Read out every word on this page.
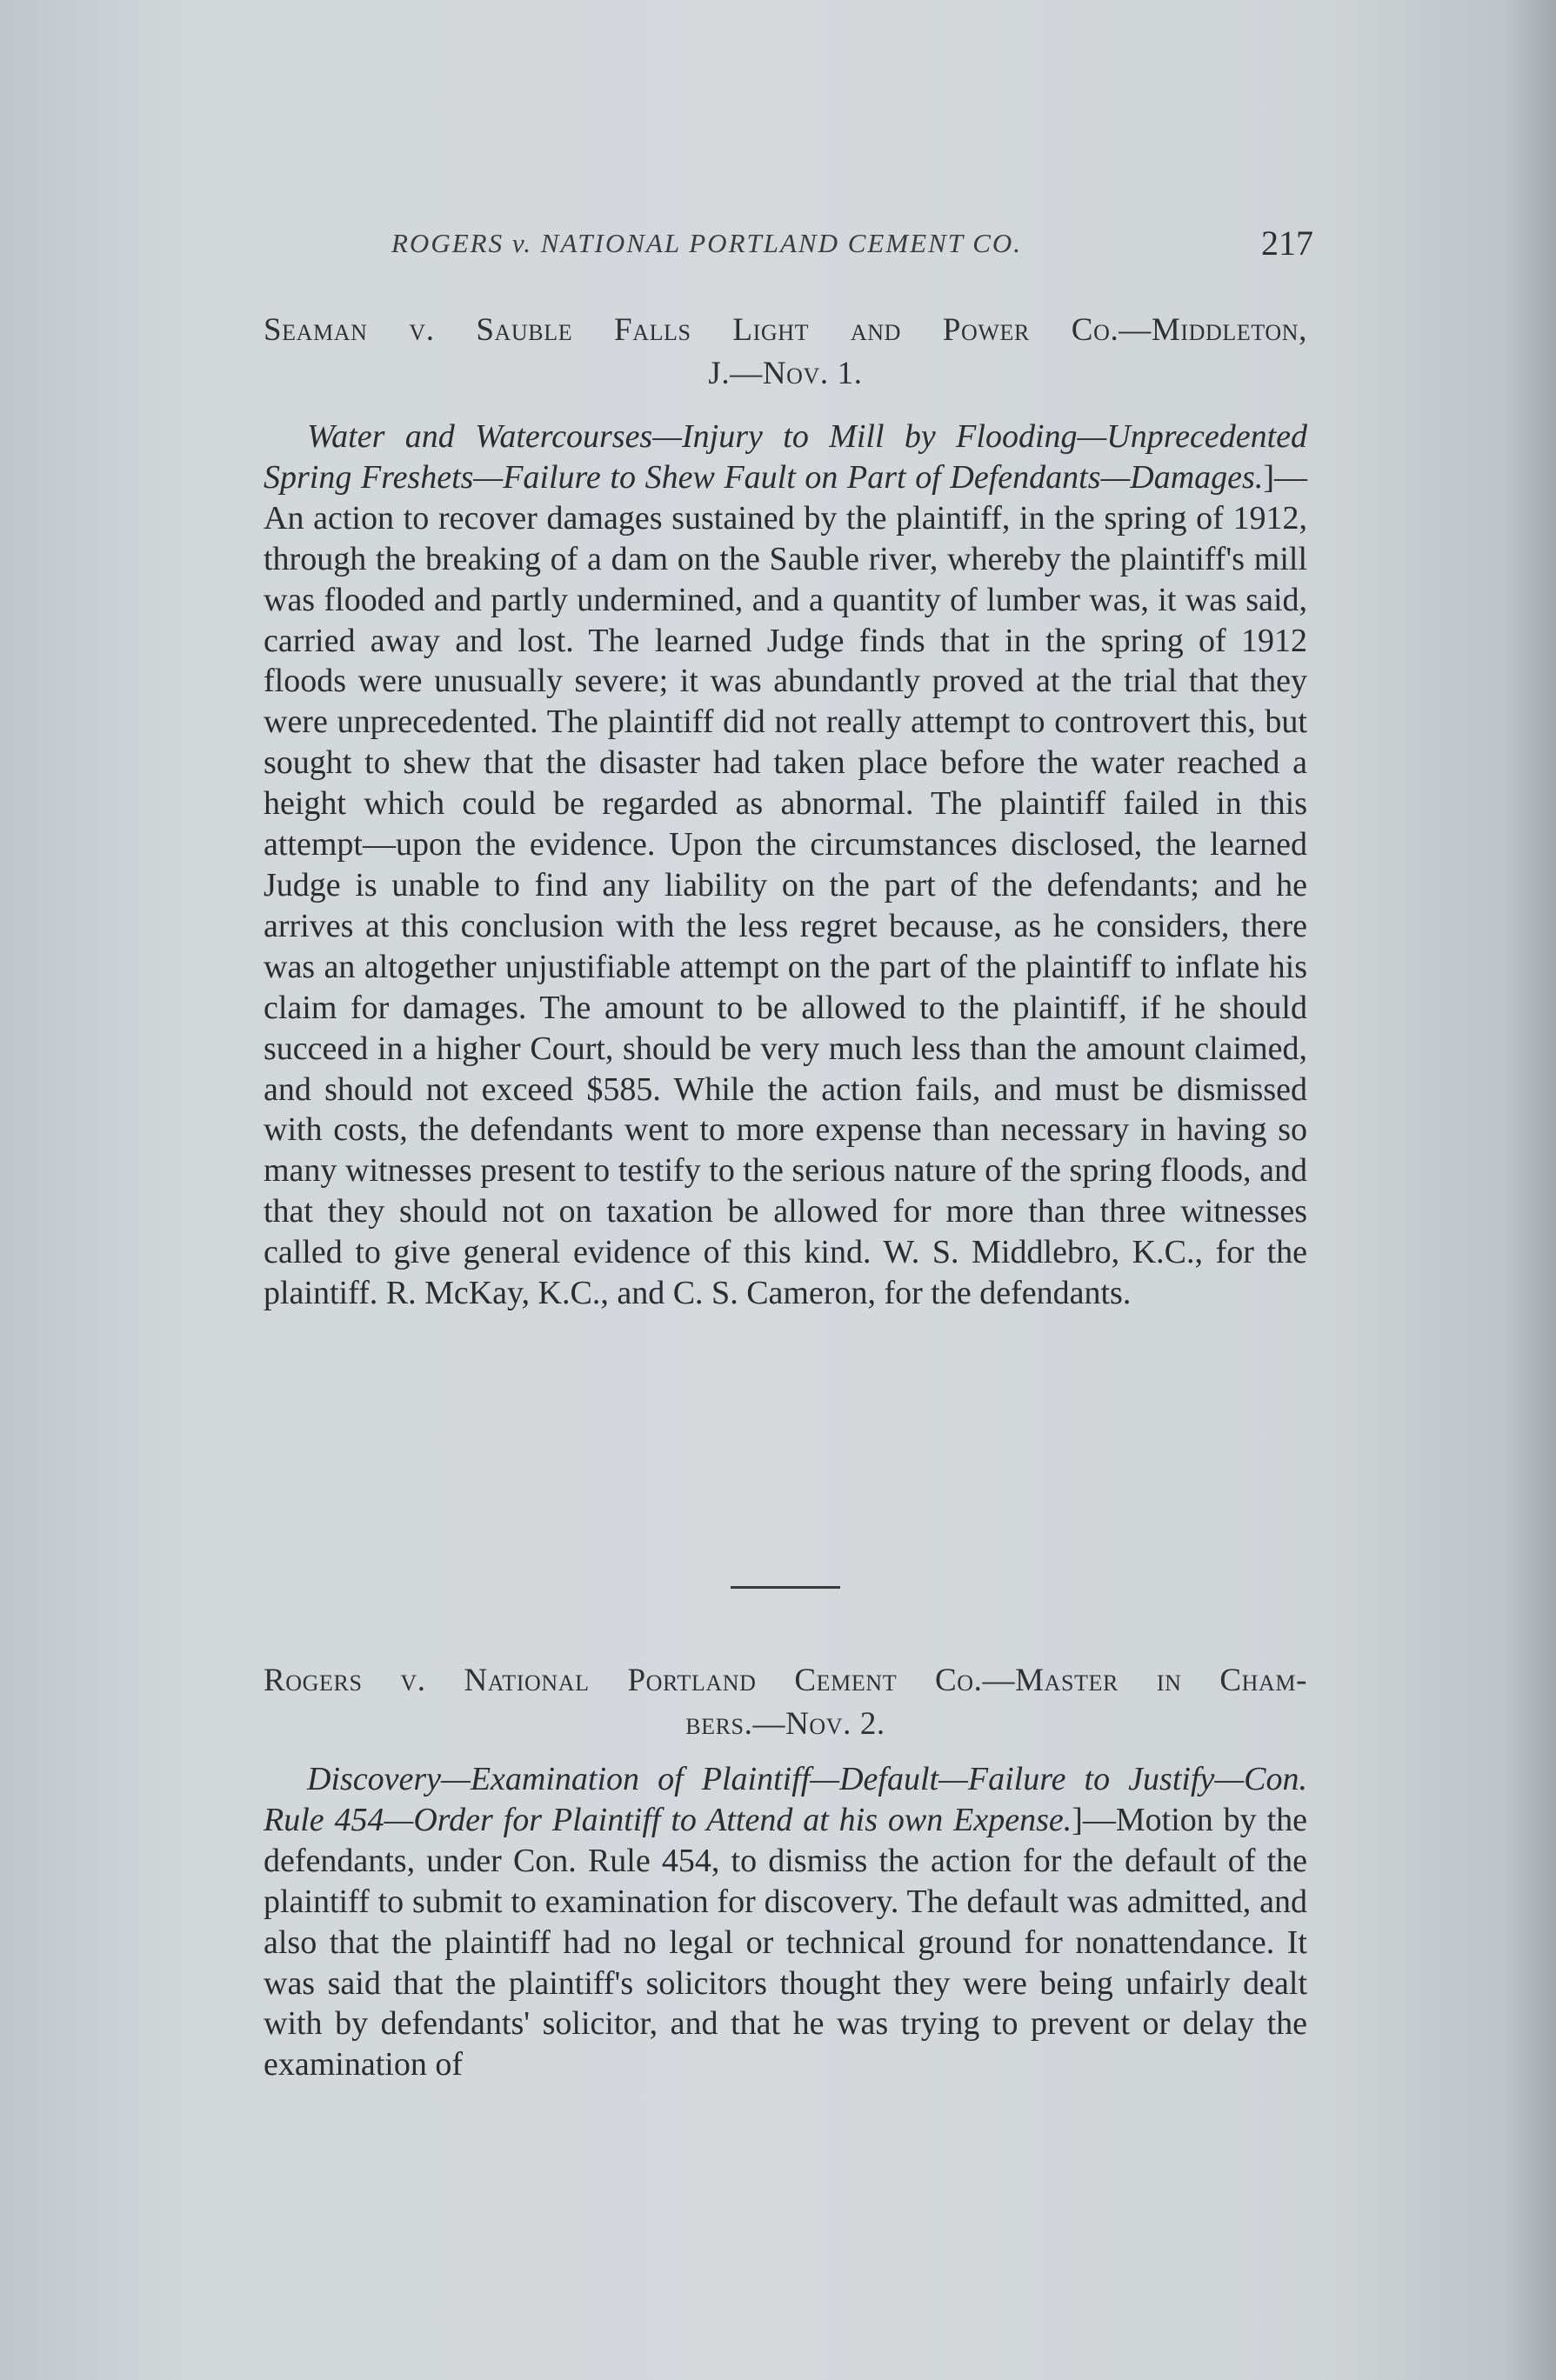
ROGERS v. NATIONAL PORTLAND CEMENT CO.	217
Seaman v. Sauble Falls Light and Power Co.—Middleton,
J.—Nov. 1.

Water and Watercourses—Injury to Mill by Flooding—Unprecedented Spring Freshets—Failure to Shew Fault on Part of Defendants—Damages.]—An action to recover damages sustained by the plaintiff, in the spring of 1912, through the breaking of a dam on the Sauble river, whereby the plaintiff's mill was flooded and partly undermined, and a quantity of lumber was, it was said, carried away and lost. The learned Judge finds that in the spring of 1912 floods were unusually severe; it was abundantly proved at the trial that they were unprecedented. The plaintiff did not really attempt to controvert this, but sought to shew that the disaster had taken place before the water reached a height which could be regarded as abnormal. The plaintiff failed in this attempt—upon the evidence. Upon the circumstances disclosed, the learned Judge is unable to find any liability on the part of the defendants; and he arrives at this conclusion with the less regret because, as he considers, there was an altogether unjustifiable attempt on the part of the plaintiff to inflate his claim for damages. The amount to be allowed to the plaintiff, if he should succeed in a higher Court, should be very much less than the amount claimed, and should not exceed $585. While the action fails, and must be dismissed with costs, the defendants went to more expense than necessary in having so many witnesses present to testify to the serious nature of the spring floods, and that they should not on taxation be allowed for more than three witnesses called to give general evidence of this kind. W. S. Middlebro, K.C., for the plaintiff. R. McKay, K.C., and C. S. Cameron, for the defendants.

Rogers v. National Portland Cement Co.—Master in Cham-
bers.—Nov. 2.

Discovery—Examination of Plaintiff—Default—Failure to Justify—Con. Rule 454—Order for Plaintiff to Attend at his own Expense.]—Motion by the defendants, under Con. Rule 454, to dismiss the action for the default of the plaintiff to submit to examination for discovery. The default was admitted, and also that the plaintiff had no legal or technical ground for nonattendance. It was said that the plaintiff's solicitors thought they were being unfairly dealt with by defendants' solicitor, and that he was trying to prevent or delay the examination of
